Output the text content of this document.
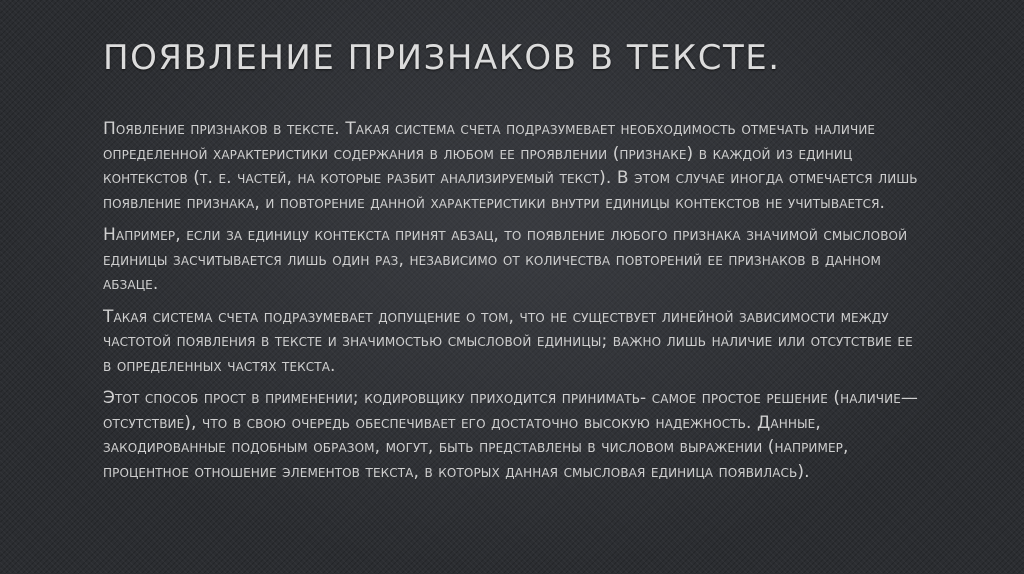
ПОЯВЛЕНИЕ ПРИЗНАКОВ В ТЕКСТЕ.

Появление признаков в тексте. Такая система счета подразумевает необходимость отмечать наличие определенной характеристики содержания в любом ее проявлении (признаке) в каждой из единиц контекстов (т. е. частей, на которые разбит анализируемый текст). В этом случае иногда отмечается лишь появление признака, и повторение данной характеристики внутри единицы контекстов не учитывается.

Например, если за единицу контекста принят абзац, то появление любого признака значимой смысловой единицы засчитывается лишь один раз, независимо от количества повторений ее признаков в данном абзаце.

Такая система счета подразумевает допущение о том, что не существует линейной зависимости между частотой появления в тексте и значимостью смысловой единицы; важно лишь наличие или отсутствие ее в определенных частях текста.

Этот способ прост в применении; кодировщику приходится принимать- самое простое решение (наличие—отсутствие), что в свою очередь обеспечивает его достаточно высокую надежность. Данные, закодированные подобным образом, могут, быть представлены в числовом выражении (например, процентное отношение элементов текста, в которых данная смысловая единица появилась).
